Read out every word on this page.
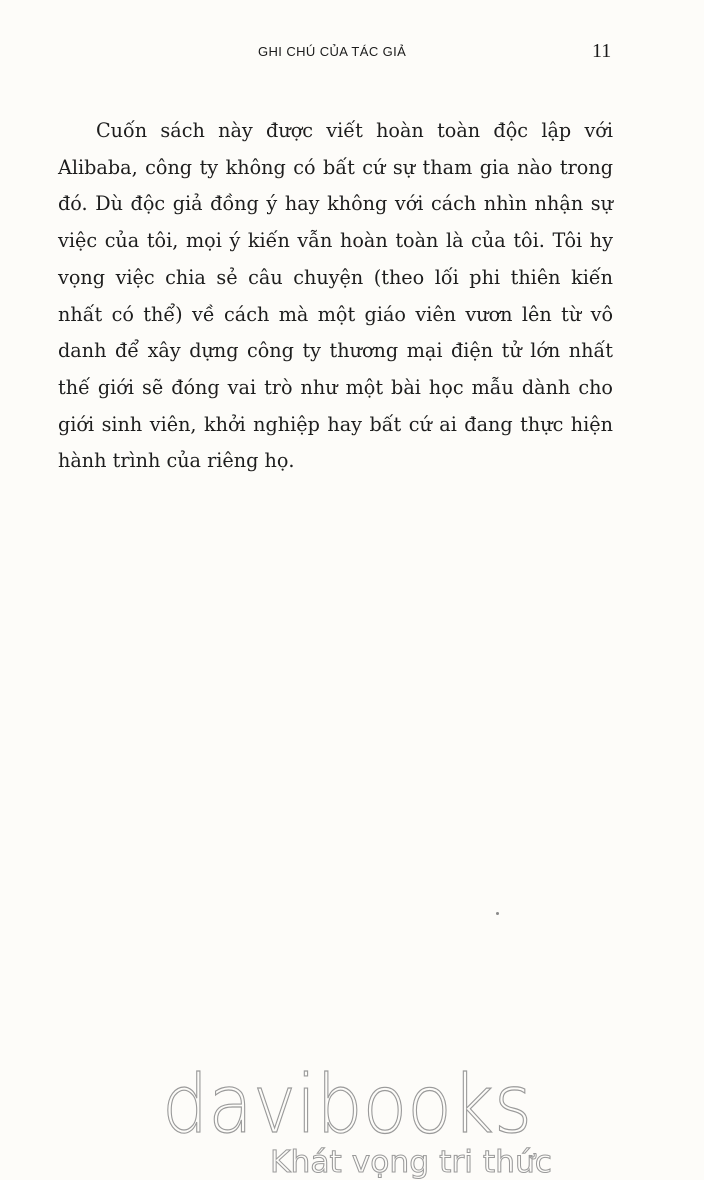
GHI CHÚ CỦA TÁC GIẢ	11

Cuốn sách này được viết hoàn toàn độc lập với Alibaba, công ty không có bất cứ sự tham gia nào trong đó. Dù độc giả đồng ý hay không với cách nhìn nhận sự việc của tôi, mọi ý kiến vẫn hoàn toàn là của tôi. Tôi hy vọng việc chia sẻ câu chuyện (theo lối phi thiên kiến nhất có thể) về cách mà một giáo viên vươn lên từ vô danh để xây dựng công ty thương mại điện tử lớn nhất thế giới sẽ đóng vai trò như một bài học mẫu dành cho giới sinh viên, khởi nghiệp hay bất cứ ai đang thực hiện hành trình của riêng họ.

davibooks
Khát vọng tri thức
